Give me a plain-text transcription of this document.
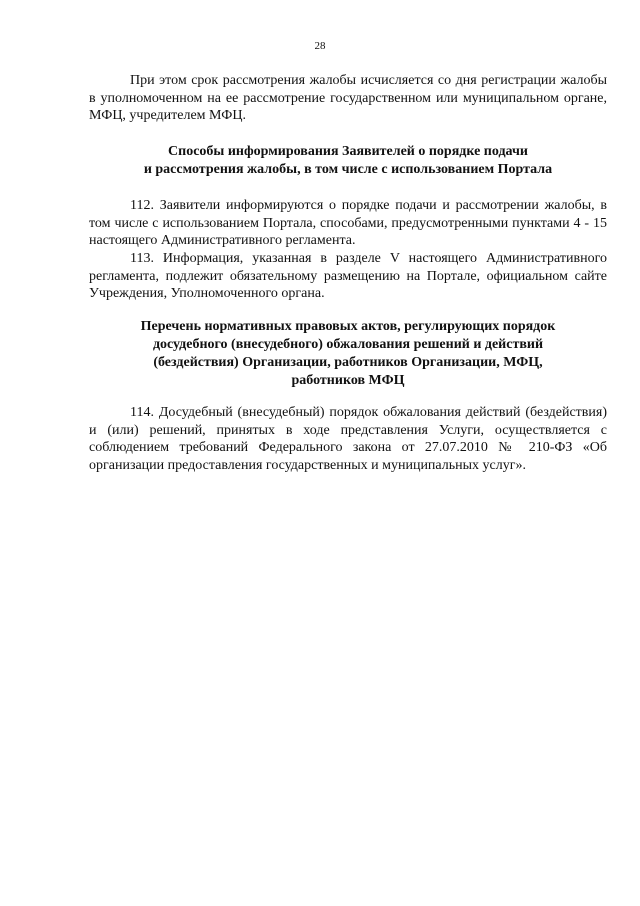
28

При этом срок рассмотрения жалобы исчисляется со дня регистрации жалобы в уполномоченном на ее рассмотрение государственном или муниципальном органе, МФЦ, учредителем МФЦ.

Способы информирования Заявителей о порядке подачи
и рассмотрения жалобы, в том числе с использованием Портала

112. Заявители информируются о порядке подачи и рассмотрении жалобы, в том числе с использованием Портала, способами, предусмотренными пунктами 4 - 15 настоящего Административного регламента.

113. Информация, указанная в разделе V настоящего Административного регламента, подлежит обязательному размещению на Портале, официальном сайте Учреждения, Уполномоченного органа.

Перечень нормативных правовых актов, регулирующих порядок
досудебного (внесудебного) обжалования решений и действий
(бездействия) Организации, работников Организации, МФЦ,
работников МФЦ

114. Досудебный (внесудебный) порядок обжалования действий (бездействия) и (или) решений, принятых в ходе представления Услуги, осуществляется с соблюдением требований Федерального закона от 27.07.2010 № 210-ФЗ «Об организации предоставления государственных и муниципальных услуг».
